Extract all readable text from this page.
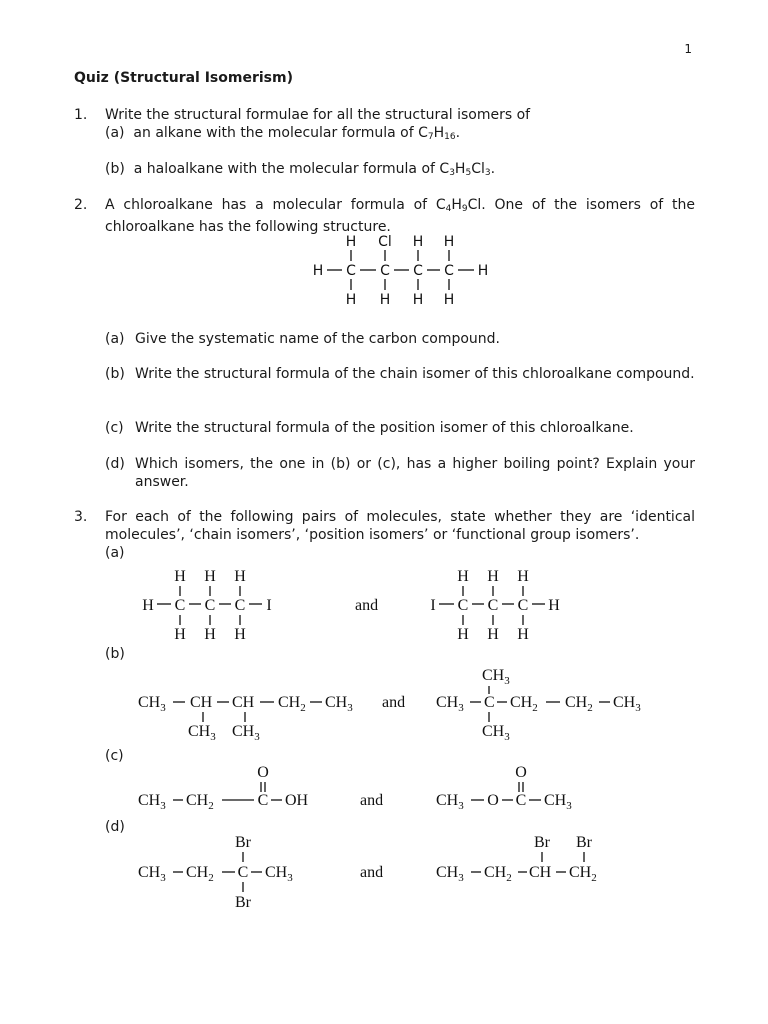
1
Quiz (Structural Isomerism)
1. Write the structural formulae for all the structural isomers of
(a) an alkane with the molecular formula of $C_7H_{16}$.
(b) a haloalkane with the molecular formula of $C_3H_5Cl_3$.
2. A chloroalkane has a molecular formula of $C_4H_9Cl$. One of the isomers of the chloroalkane has the following structure.
H Cl H H
H C C C C H
H H H H
(a) Give the systematic name of the carbon compound.
(b) Write the structural formula of the chain isomer of this chloroalkane compound.
(c) Write the structural formula of the position isomer of this chloroalkane.
(d) Which isomers, the one in (b) or (c), has a higher boiling point? Explain your answer.
3. For each of the following pairs of molecules, state whether they are ‘identical molecules’, ‘chain isomers’, ‘position isomers’ or ‘functional group isomers’.
(a)
(b)
(c)
(d)
H H H
H C C C I
H H H
and
H H H
I C C C H
H H H
$CH_3$ CH CH $CH_2$ $CH_3$
$CH_3$ $CH_3$
and
$CH_3$
$CH_3$ C $CH_2$ $CH_2$ $CH_3$
$CH_3$
O
$CH_3$ $CH_2$	C OH	and
O
$CH_3$ O C $CH_3$
Br
$CH_3$ $CH_2$ C $CH_3$
Br
and
Br Br
$CH_3$ $CH_2$ CH $CH_2$
